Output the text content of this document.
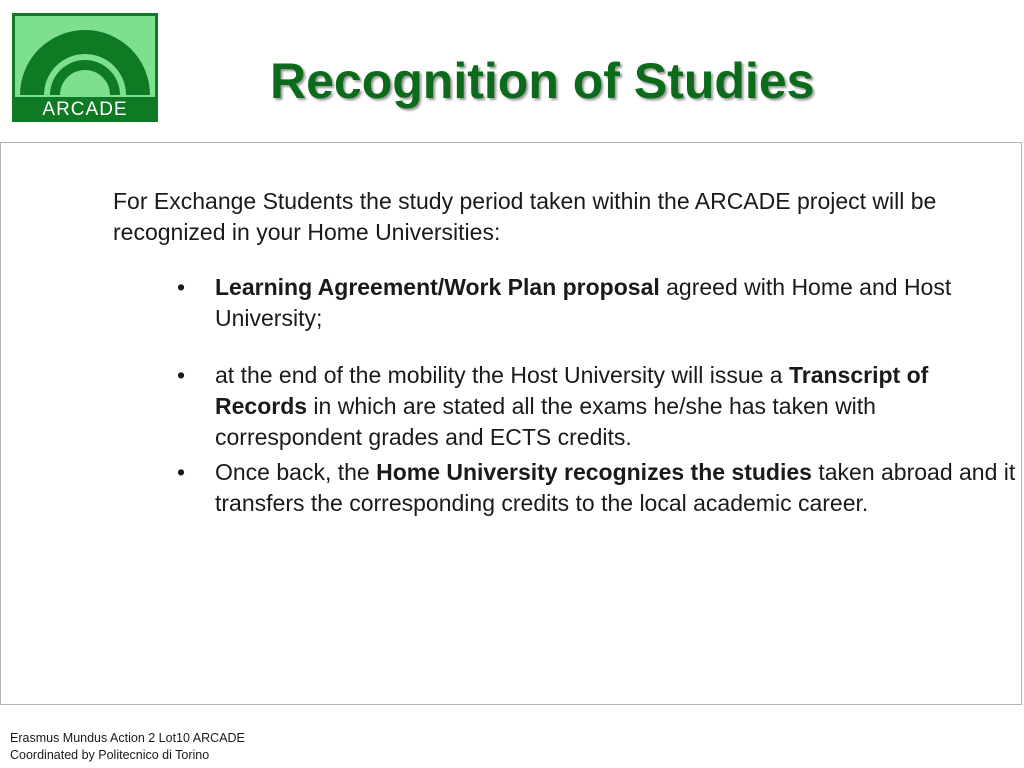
ARCADE
Recognition of Studies

For Exchange Students the study period taken within the ARCADE project will be recognized in your Home Universities:

• Learning Agreement/Work Plan proposal agreed with Home and Host University;
• at the end of the mobility the Host University will issue a Transcript of Records in which are stated all the exams he/she has taken with correspondent grades and ECTS credits.
• Once back, the Home University recognizes the studies taken abroad and it transfers the corresponding credits to the local academic career.
Erasmus Mundus Action 2 Lot10 ARCADE
Coordinated by Politecnico di Torino
